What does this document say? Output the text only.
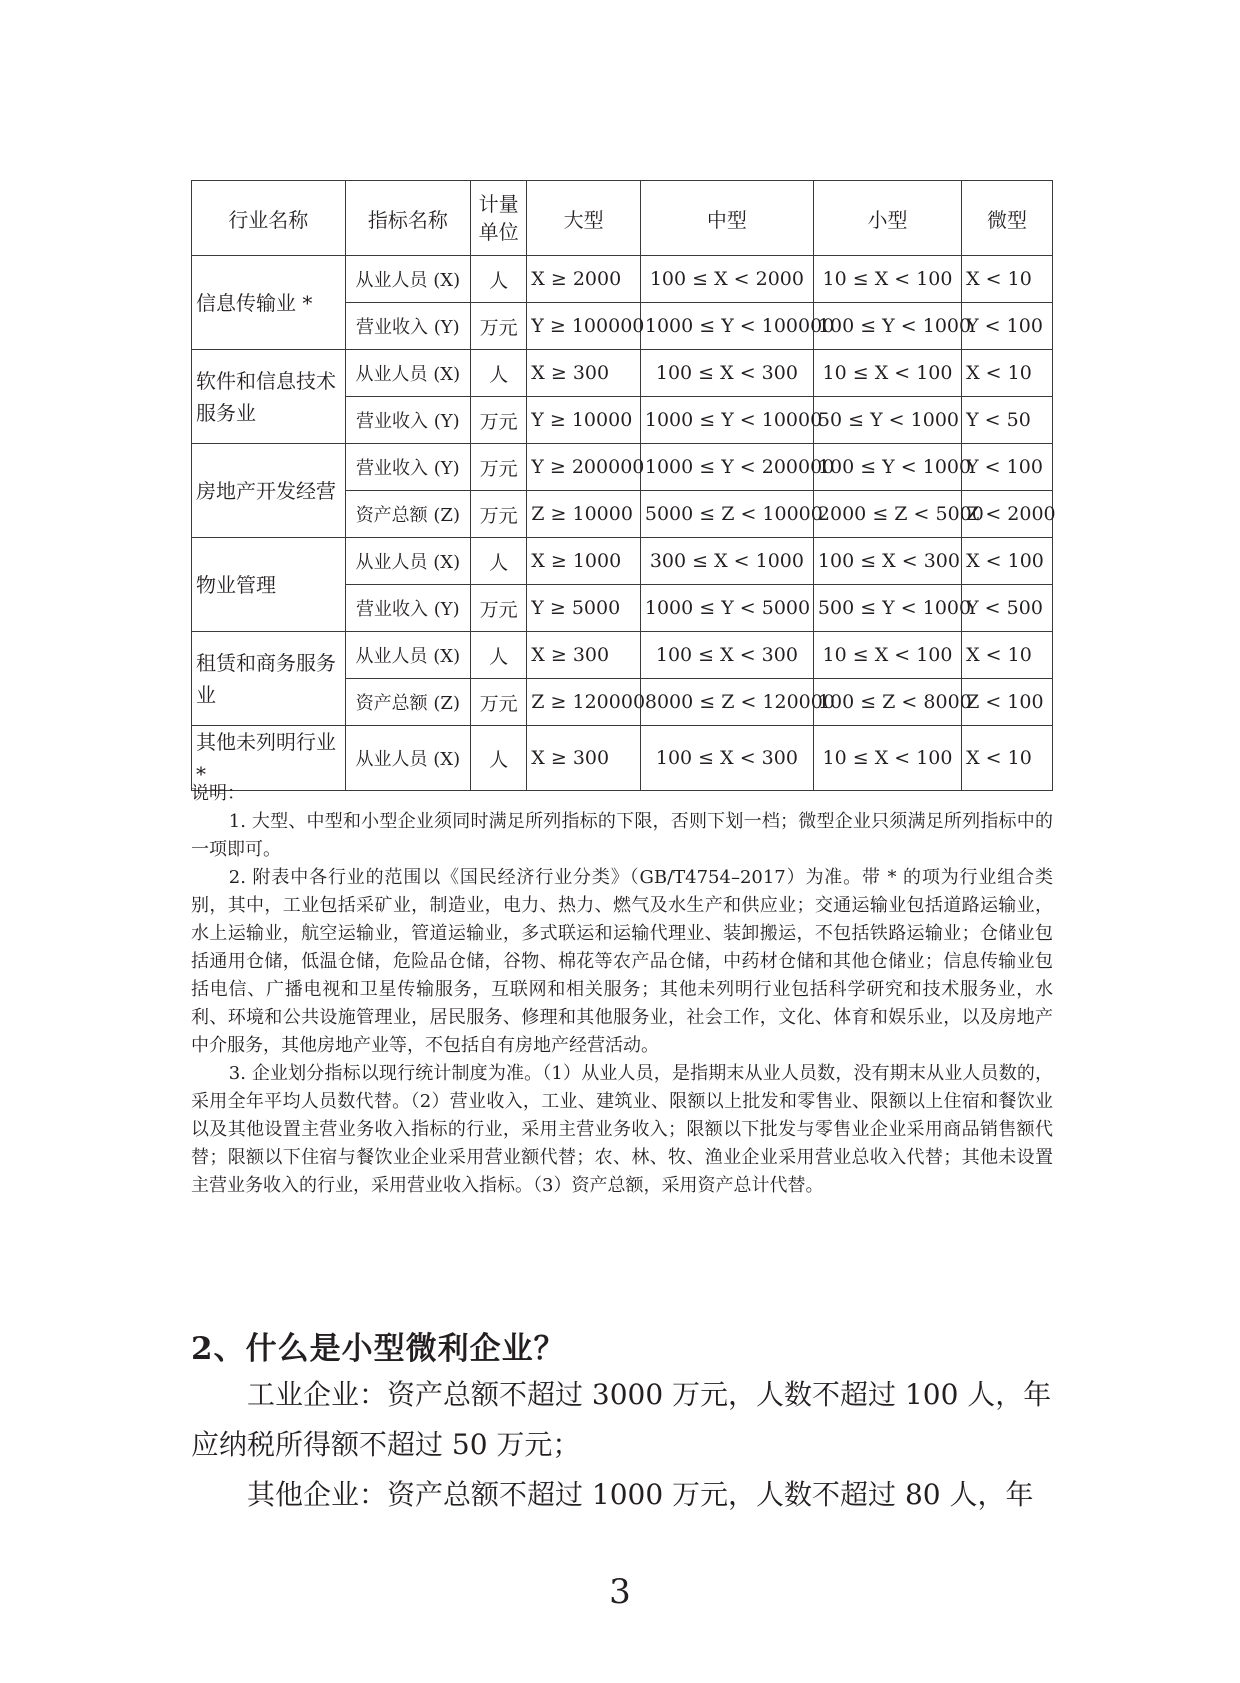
行业名称	指标名称	计量单位	大型	中型	小型	微型
信息传输业 *	从业人员 (X)	人	X ≥ 2000	100 ≤ X < 2000	10 ≤ X < 100	X < 10
	营业收入 (Y)	万元	Y ≥ 100000	1000 ≤ Y < 100000	100 ≤ Y < 1000	Y < 100
软件和信息技术服务业	从业人员 (X)	人	X ≥ 300	100 ≤ X < 300	10 ≤ X < 100	X < 10
	营业收入 (Y)	万元	Y ≥ 10000	1000 ≤ Y < 10000	50 ≤ Y < 1000	Y < 50
房地产开发经营	营业收入 (Y)	万元	Y ≥ 200000	1000 ≤ Y < 200000	100 ≤ Y < 1000	Y < 100
	资产总额 (Z)	万元	Z ≥ 10000	5000 ≤ Z < 10000	2000 ≤ Z < 5000	Z < 2000
物业管理	从业人员 (X)	人	X ≥ 1000	300 ≤ X < 1000	100 ≤ X < 300	X < 100
	营业收入 (Y)	万元	Y ≥ 5000	1000 ≤ Y < 5000	500 ≤ Y < 1000	Y < 500
租赁和商务服务业	从业人员 (X)	人	X ≥ 300	100 ≤ X < 300	10 ≤ X < 100	X < 10
	资产总额 (Z)	万元	Z ≥ 120000	8000 ≤ Z < 120000	100 ≤ Z < 8000	Z < 100
其他未列明行业 *	从业人员 (X)	人	X ≥ 300	100 ≤ X < 300	10 ≤ X < 100	X < 10

说明：

1. 大型、中型和小型企业须同时满足所列指标的下限，否则下划一档；微型企业只须满足所列指标中的一项即可。

2. 附表中各行业的范围以《国民经济行业分类》（GB/T4754–2017）为准。带 * 的项为行业组合类别，其中，工业包括采矿业，制造业，电力、热力、燃气及水生产和供应业；交通运输业包括道路运输业，水上运输业，航空运输业，管道运输业，多式联运和运输代理业、装卸搬运，不包括铁路运输业；仓储业包括通用仓储，低温仓储，危险品仓储，谷物、棉花等农产品仓储，中药材仓储和其他仓储业；信息传输业包括电信、广播电视和卫星传输服务，互联网和相关服务；其他未列明行业包括科学研究和技术服务业，水利、环境和公共设施管理业，居民服务、修理和其他服务业，社会工作，文化、体育和娱乐业，以及房地产中介服务，其他房地产业等，不包括自有房地产经营活动。

3. 企业划分指标以现行统计制度为准。（1）从业人员，是指期末从业人员数，没有期末从业人员数的，采用全年平均人员数代替。（2）营业收入，工业、建筑业、限额以上批发和零售业、限额以上住宿和餐饮业以及其他设置主营业务收入指标的行业，采用主营业务收入；限额以下批发与零售业企业采用商品销售额代替；限额以下住宿与餐饮业企业采用营业额代替；农、林、牧、渔业企业采用营业总收入代替；其他未设置主营业务收入的行业，采用营业收入指标。（3）资产总额，采用资产总计代替。

2、什么是小型微利企业？

工业企业：资产总额不超过 3000 万元，人数不超过 100 人，年应纳税所得额不超过 50 万元；

其他企业：资产总额不超过 1000 万元，人数不超过 80 人，年

3
